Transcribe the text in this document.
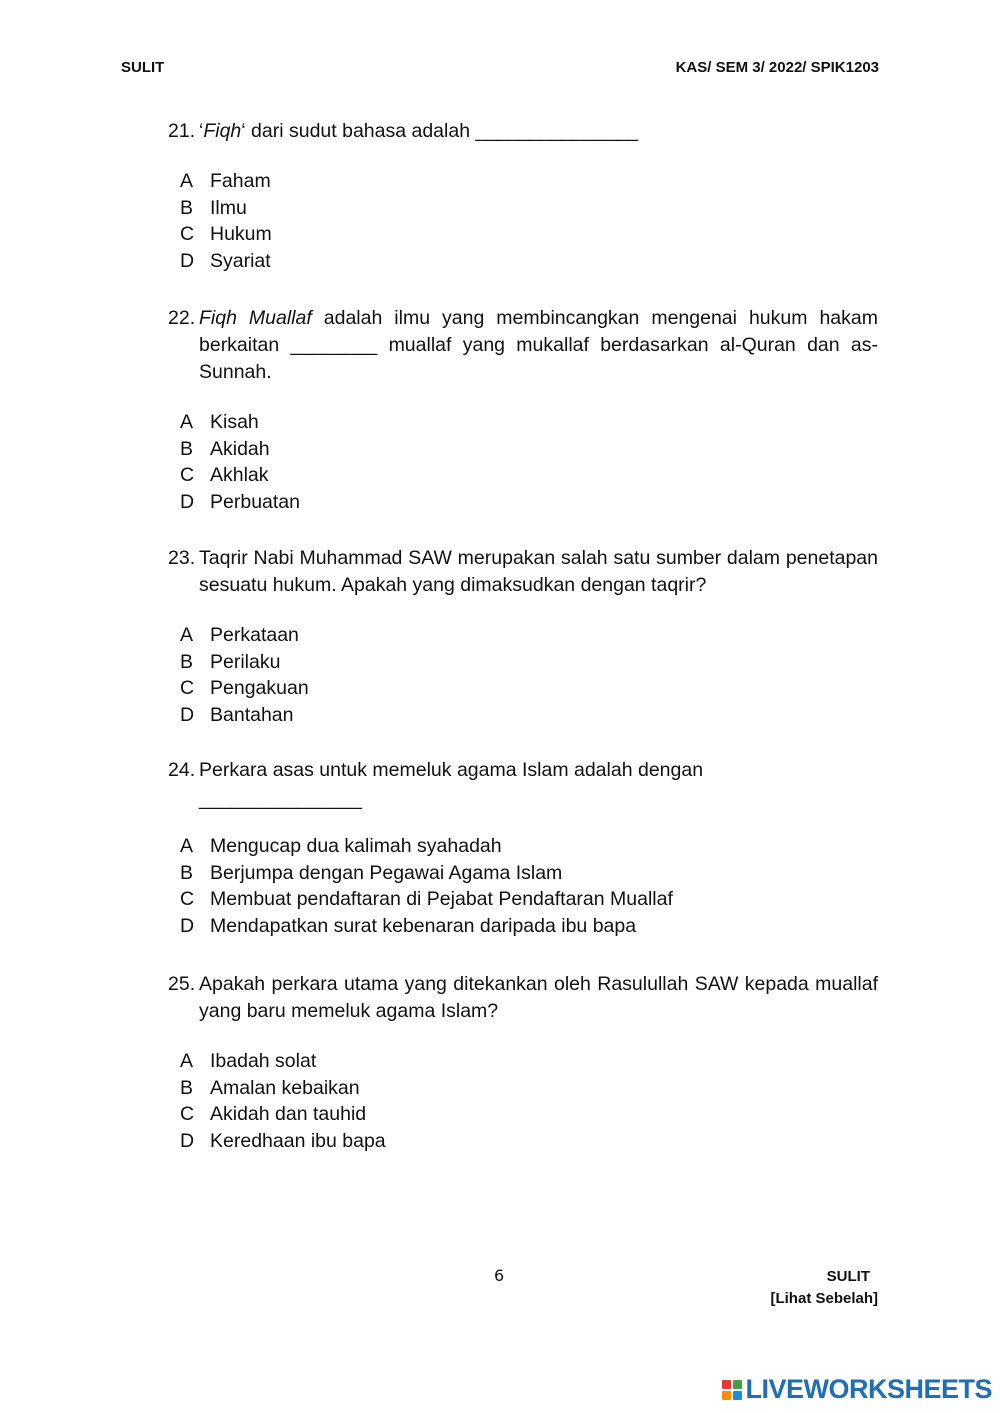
SULIT	KAS/ SEM 3/ 2022/ SPIK1203
21. ‘Fiqh‘ dari sudut bahasa adalah _______________
A Faham
B Ilmu
C Hukum
D Syariat
22. Fiqh Muallaf adalah ilmu yang membincangkan mengenai hukum hakam berkaitan ________ muallaf yang mukallaf berdasarkan al-Quran dan as-Sunnah.
A Kisah
B Akidah
C Akhlak
D Perbuatan
23. Taqrir Nabi Muhammad SAW merupakan salah satu sumber dalam penetapan sesuatu hukum. Apakah yang dimaksudkan dengan taqrir?
A Perkataan
B Perilaku
C Pengakuan
D Bantahan
24. Perkara asas untuk memeluk agama Islam adalah dengan
_______________
A Mengucap dua kalimah syahadah
B Berjumpa dengan Pegawai Agama Islam
C Membuat pendaftaran di Pejabat Pendaftaran Muallaf
D Mendapatkan surat kebenaran daripada ibu bapa
25. Apakah perkara utama yang ditekankan oleh Rasulullah SAW kepada muallaf yang baru memeluk agama Islam?
A Ibadah solat
B Amalan kebaikan
C Akidah dan tauhid
D Keredhaan ibu bapa
6	SULIT
[Lihat Sebelah]
LIVEWORKSHEETS
